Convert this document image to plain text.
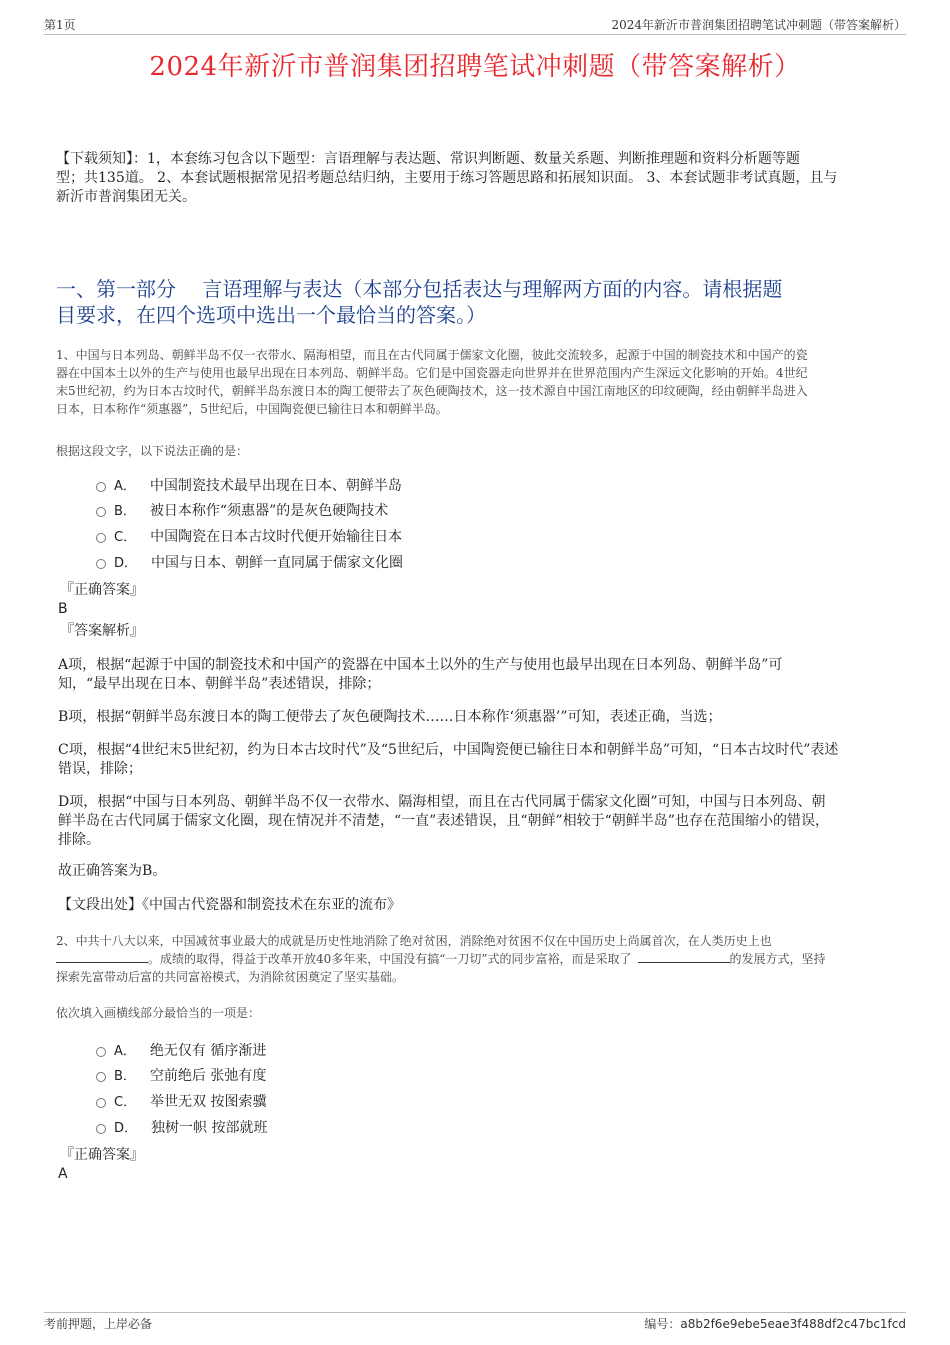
第1页	2024年新沂市普润集团招聘笔试冲刺题（带答案解析）
2024年新沂市普润集团招聘笔试冲刺题（带答案解析）
【下载须知】：1，本套练习包含以下题型：言语理解与表达题、常识判断题、数量关系题、判断推理题和资料分析题等题
型；共135道。 2、本套试题根据常见招考题总结归纳，主要用于练习答题思路和拓展知识面。 3、本套试题非考试真题，且与
新沂市普润集团无关。
一、第一部分　 言语理解与表达（本部分包括表达与理解两方面的内容。请根据题
目要求，在四个选项中选出一个最恰当的答案。）
1、中国与日本列岛、朝鲜半岛不仅一衣带水、隔海相望，而且在古代同属于儒家文化圈，彼此交流较多，起源于中国的制瓷技术和中国产的瓷
器在中国本土以外的生产与使用也最早出现在日本列岛、朝鲜半岛。它们是中国瓷器走向世界并在世界范围内产生深远文化影响的开始。4世纪
末5世纪初，约为日本古坟时代，朝鲜半岛东渡日本的陶工便带去了灰色硬陶技术，这一技术源自中国江南地区的印纹硬陶，经由朝鲜半岛进入
日本，日本称作“须惠器”，5世纪后，中国陶瓷便已输往日本和朝鲜半岛。
根据这段文字，以下说法正确的是：
A． 中国制瓷技术最早出现在日本、朝鲜半岛
B． 被日本称作“须惠器”的是灰色硬陶技术
C． 中国陶瓷在日本古坟时代便开始输往日本
D． 中国与日本、朝鲜一直同属于儒家文化圈
『正确答案』
B
『答案解析』
A项，根据“起源于中国的制瓷技术和中国产的瓷器在中国本土以外的生产与使用也最早出现在日本列岛、朝鲜半岛”可
知，“最早出现在日本、朝鲜半岛”表述错误，排除；
B项，根据“朝鲜半岛东渡日本的陶工便带去了灰色硬陶技术……日本称作‘须惠器’”可知，表述正确，当选；
C项，根据“4世纪末5世纪初，约为日本古坟时代”及“5世纪后，中国陶瓷便已输往日本和朝鲜半岛”可知，“日本古坟时代”表述
错误，排除；
D项，根据“中国与日本列岛、朝鲜半岛不仅一衣带水、隔海相望，而且在古代同属于儒家文化圈”可知，中国与日本列岛、朝
鲜半岛在古代同属于儒家文化圈，现在情况并不清楚，“一直”表述错误，且“朝鲜”相较于“朝鲜半岛”也存在范围缩小的错误，
排除。
故正确答案为B。
【文段出处】《中国古代瓷器和制瓷技术在东亚的流布》
2、中共十八大以来，中国减贫事业最大的成就是历史性地消除了绝对贫困，消除绝对贫困不仅在中国历史上尚属首次，在人类历史上也
。成绩的取得，得益于改革开放40多年来，中国没有搞“一刀切”式的同步富裕，而是采取了	的发展方式，坚持
探索先富带动后富的共同富裕模式，为消除贫困奠定了坚实基础。
依次填入画横线部分最恰当的一项是：
A． 绝无仅有 循序渐进
B． 空前绝后 张弛有度
C． 举世无双 按图索骥
D． 独树一帜 按部就班
『正确答案』
A
考前押题，上岸必备	编号：a8b2f6e9ebe5eae3f488df2c47bc1fcd
